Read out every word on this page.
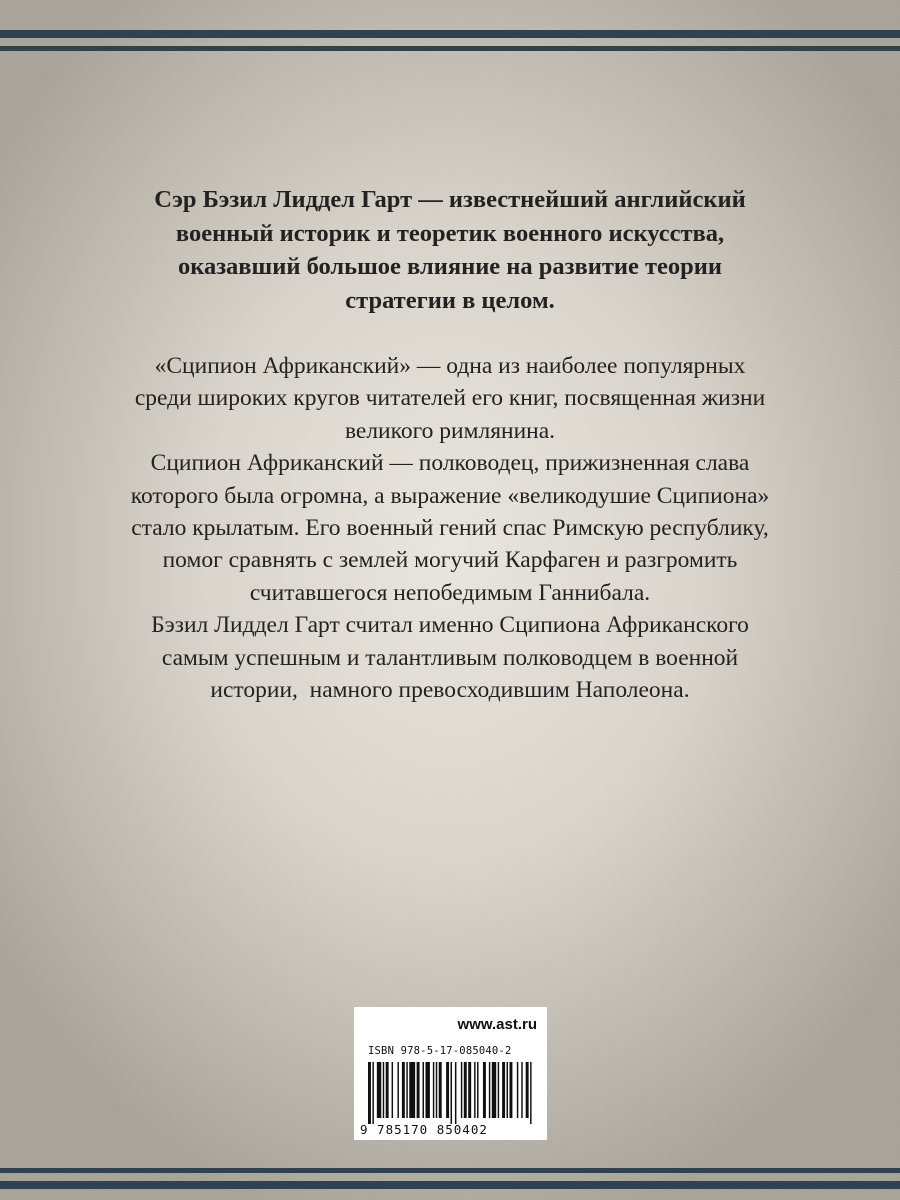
Сэр Бэзил Лиддел Гарт — известнейший английский
военный историк и теоретик военного искусства,
оказавший большое влияние на развитие теории
стратегии в целом.

«Сципион Африканский» — одна из наиболее популярных
среди широких кругов читателей его книг, посвященная жизни
великого римлянина.

Сципион Африканский — полководец, прижизненная слава
которого была огромна, а выражение «великодушие Сципиона»
стало крылатым. Его военный гений спас Римскую республику,
помог сравнять с землей могучий Карфаген и разгромить
считавшегося непобедимым Ганнибала.

Бэзил Лиддел Гарт считал именно Сципиона Африканского
самым успешным и талантливым полководцем в военной
истории,  намного превосходившим Наполеона.

www.ast.ru
ISBN 978-5-17-085040-2
9 785170 850402
